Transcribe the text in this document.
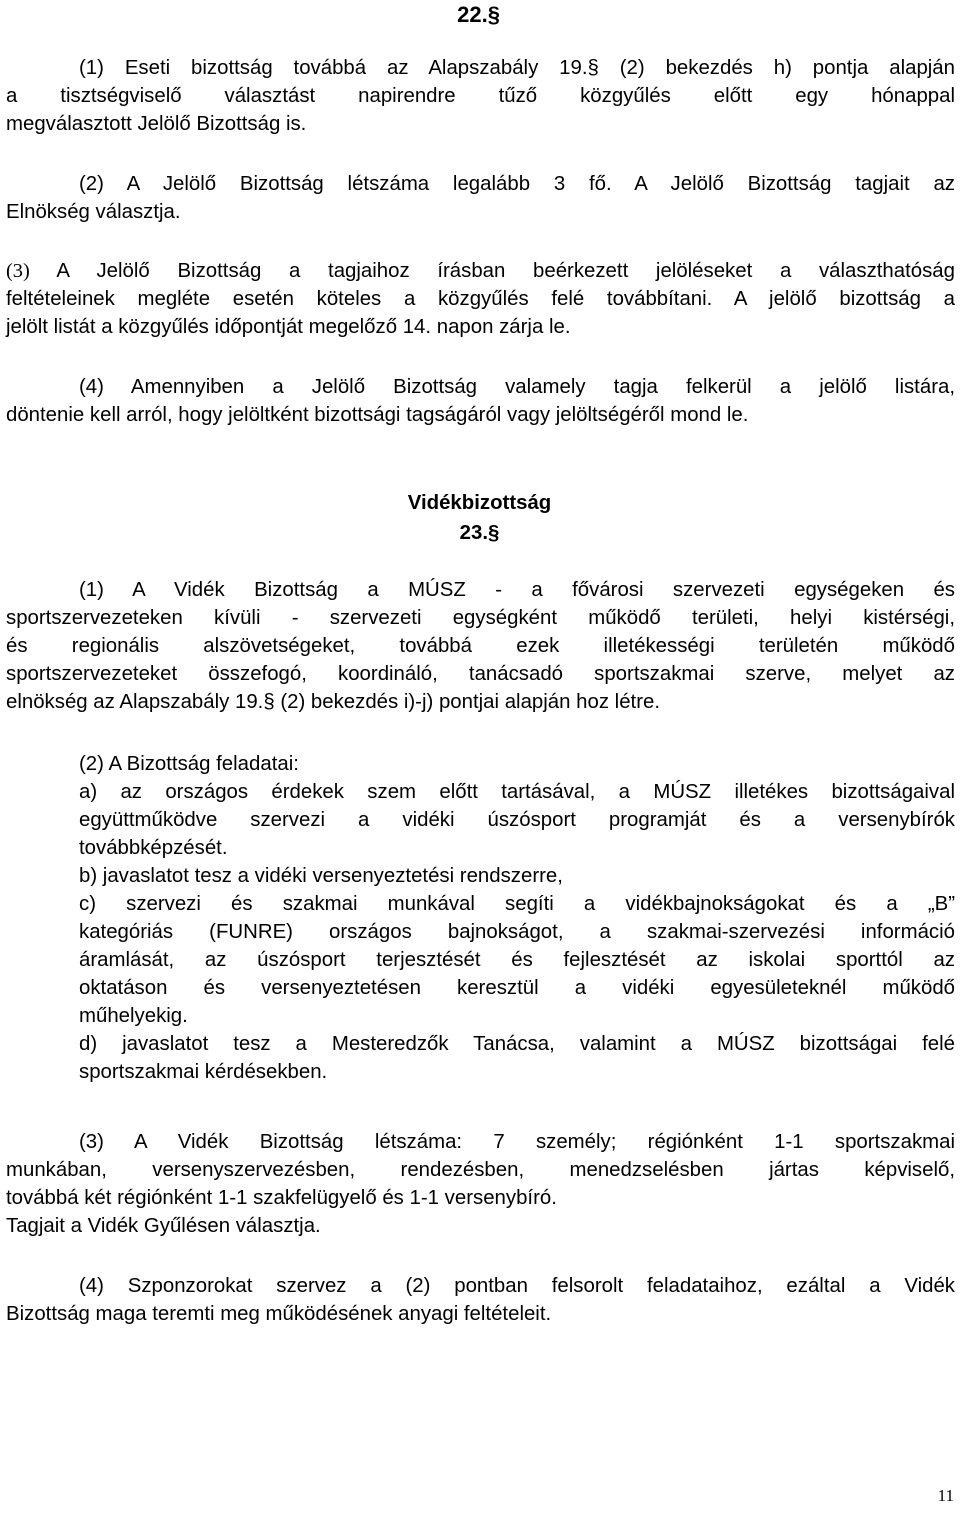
22.§
(1) Eseti bizottság továbbá az Alapszabály 19.§ (2) bekezdés h) pontja alapján
a tisztségviselő választást napirendre tűző közgyűlés előtt egy hónappal
megválasztott Jelölő Bizottság is.
(2) A Jelölő Bizottság létszáma legalább 3 fő. A Jelölő Bizottság tagjait az
Elnökség választja.
(3) A Jelölő Bizottság a tagjaihoz írásban beérkezett jelöléseket a választhatóság
feltételeinek megléte esetén köteles a közgyűlés felé továbbítani. A jelölő bizottság a
jelölt listát a közgyűlés időpontját megelőző 14. napon zárja le.
(4) Amennyiben a Jelölő Bizottság valamely tagja felkerül a jelölő listára,
döntenie kell arról, hogy jelöltként bizottsági tagságáról vagy jelöltségéről mond le.
Vidékbizottság
23.§
(1) A Vidék Bizottság a MÚSZ - a fővárosi szervezeti egységeken és
sportszervezeteken kívüli - szervezeti egységként működő területi, helyi kistérségi,
és regionális alszövetségeket, továbbá ezek illetékességi területén működő
sportszervezeteket összefogó, koordináló, tanácsadó sportszakmai szerve, melyet az
elnökség az Alapszabály 19.§ (2) bekezdés i)-j) pontjai alapján hoz létre.
(2) A Bizottság feladatai:
a) az országos érdekek szem előtt tartásával, a MÚSZ illetékes bizottságaival
együttműködve szervezi a vidéki úszósport programját és a versenybírók
továbbképzését.
b) javaslatot tesz a vidéki versenyeztetési rendszerre,
c) szervezi és szakmai munkával segíti a vidékbajnokságokat és a „B”
kategóriás (FUNRE) országos bajnokságot, a szakmai-szervezési információ
áramlását, az úszósport terjesztését és fejlesztését az iskolai sporttól az
oktatáson és versenyeztetésen keresztül a vidéki egyesületeknél működő
műhelyekig.
d) javaslatot tesz a Mesteredzők Tanácsa, valamint a MÚSZ bizottságai felé
sportszakmai kérdésekben.
(3) A Vidék Bizottság létszáma: 7 személy; régiónként 1-1 sportszakmai
munkában, versenyszervezésben, rendezésben, menedzselésben jártas képviselő,
továbbá két régiónként 1-1 szakfelügyelő és 1-1 versenybíró.
Tagjait a Vidék Gyűlésen választja.
(4) Szponzorokat szervez a (2) pontban felsorolt feladataihoz, ezáltal a Vidék
Bizottság maga teremti meg működésének anyagi feltételeit.
11
